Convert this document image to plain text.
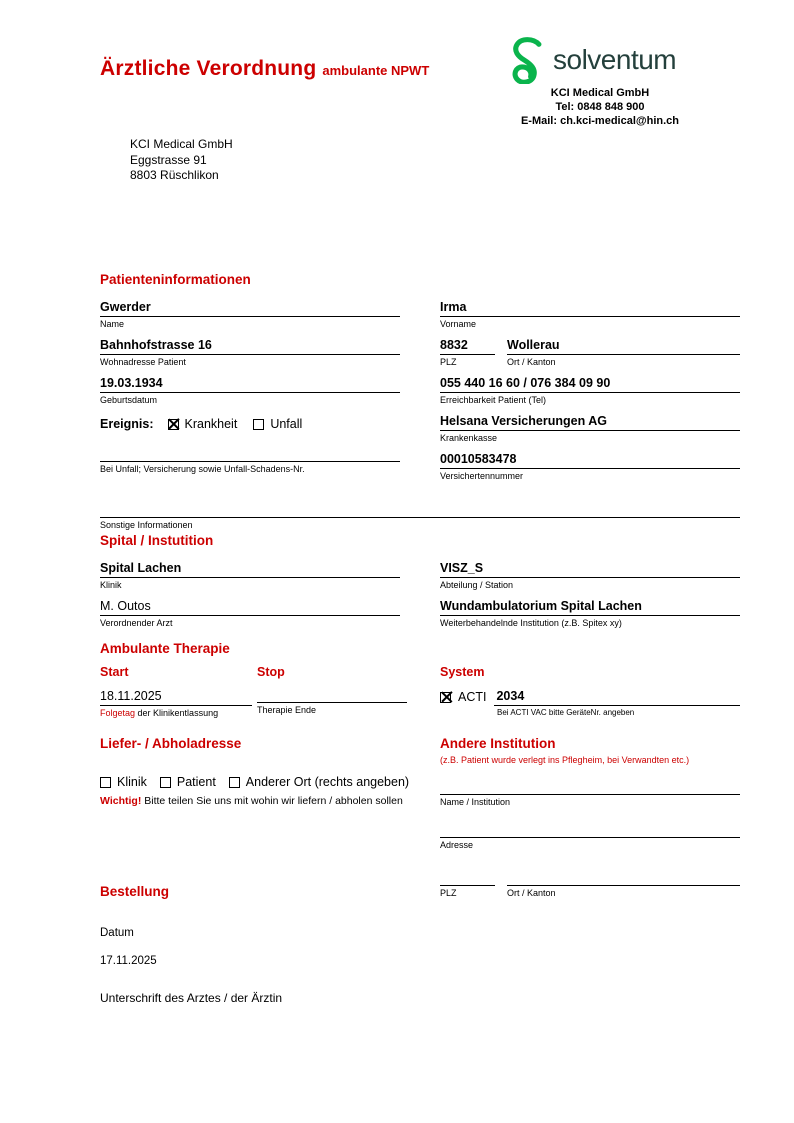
Ärztliche Verordnung ambulante NPWT	solventum
KCI Medical GmbH
Tel: 0848 848 900
E-Mail: ch.kci-medical@hin.ch
KCI Medical GmbH
Eggstrasse 91
8803 Rüschlikon
Patienteninformationen
Gwerder
Name
Bahnhofstrasse 16
Wohnadresse Patient
19.03.1934
Geburtsdatum
Ereignis: Krankheit	Unfall
Bei Unfall; Versicherung sowie Unfall-Schadens-Nr.
Irma
Vorname
8832
PLZ
Wollerau
Ort / Kanton
055 440 16 60 / 076 384 09 90
Erreichbarkeit Patient (Tel)
Helsana Versicherungen AG
Krankenkasse
00010583478
Versichertennummer
Sonstige Informationen
Spital / Instutition
Spital Lachen
Klinik
M. Outos
Verordnender Arzt
VISZ_S
Abteilung / Station
Wundambulatorium Spital Lachen
Weiterbehandelnde Institution (z.B. Spitex xy)
Ambulante Therapie
Start
18.11.2025
Folgetag der Klinikentlassung
Stop
Therapie Ende
System
ACTI 2034
Bei ACTI VAC bitte GeräteNr. angeben
Liefer- / Abholadresse
Klinik Patient Anderer Ort (rechts angeben)
Wichtig! Bitte teilen Sie uns mit wohin wir liefern / abholen sollen
Andere Institution
(z.B. Patient wurde verlegt ins Pflegheim, bei Verwandten etc.)
Name / Institution
Adresse
PLZ	Ort / Kanton
Bestellung
Datum
17.11.2025
Unterschrift des Arztes / der Ärztin
